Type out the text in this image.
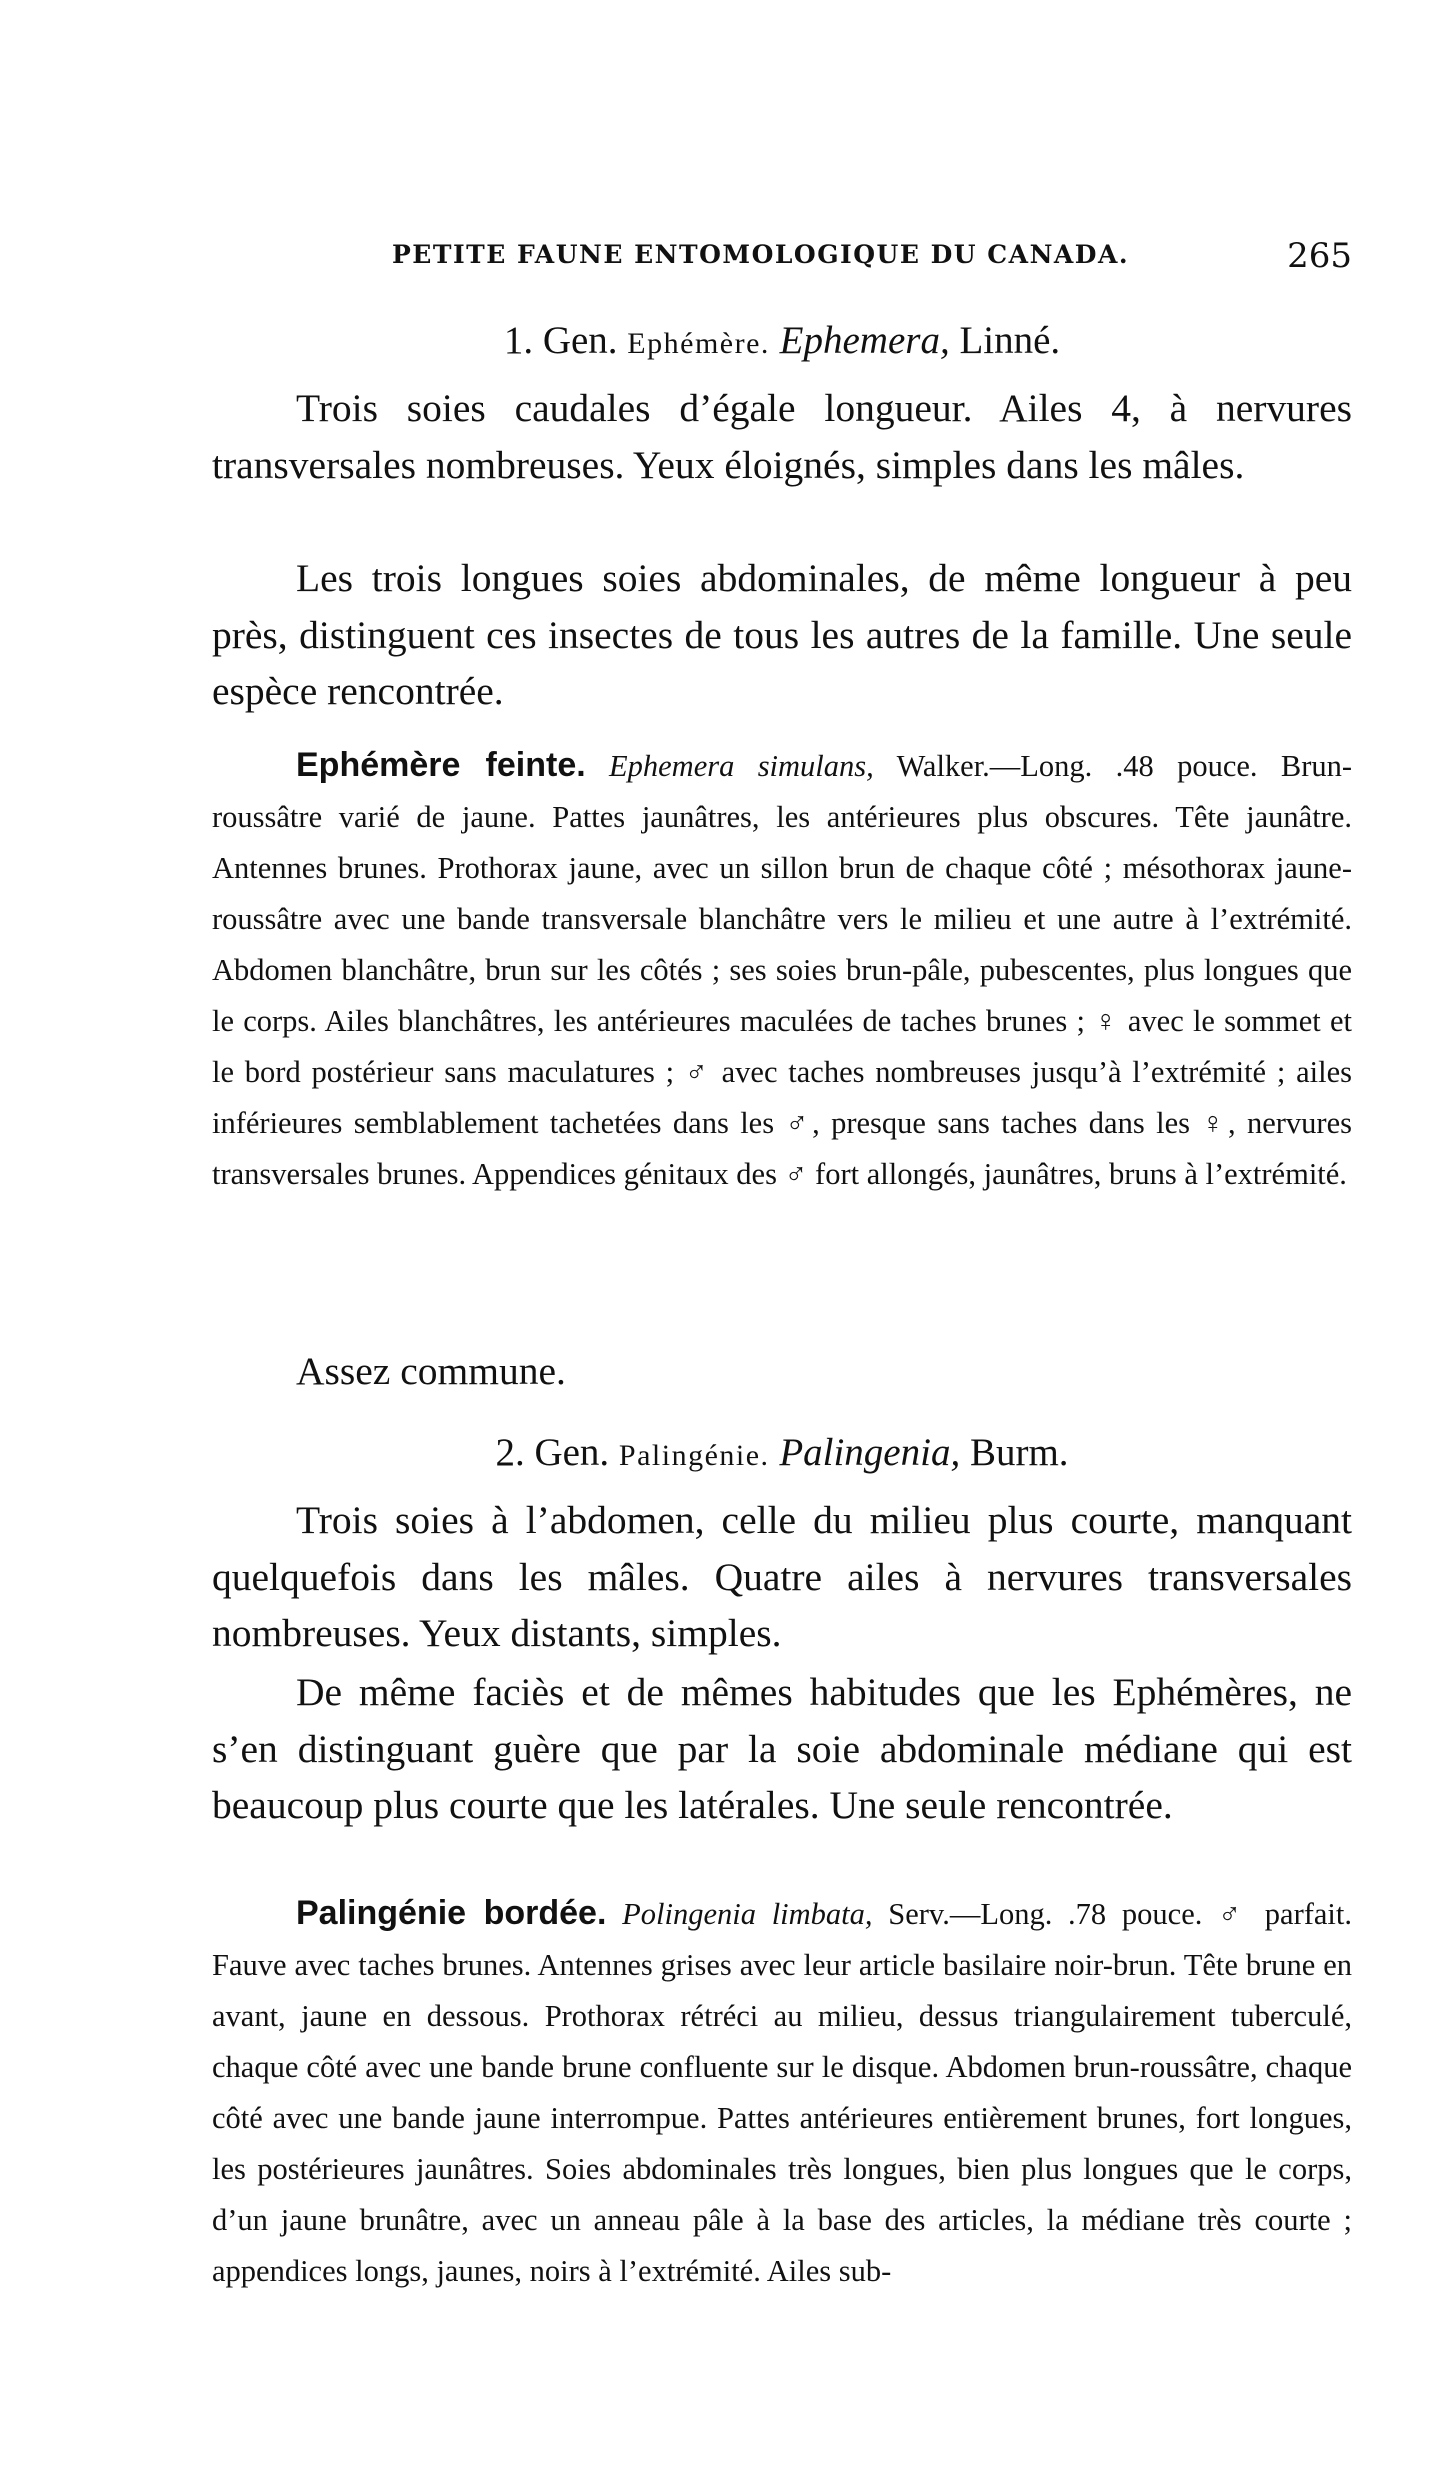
PETITE FAUNE ENTOMOLOGIQUE DU CANADA.	265
1. Gen. Ephémère. Ephemera, Linné.

Trois soies caudales d’égale longueur. Ailes 4, à nervures transversales nombreuses. Yeux éloignés, simples dans les mâles.

Les trois longues soies abdominales, de même longueur à peu près, distinguent ces insectes de tous les autres de la famille. Une seule espèce rencontrée.

Ephémère feinte. Ephemera simulans, Walker.—Long. .48 pouce. Brun-roussâtre varié de jaune. Pattes jaunâtres, les antérieures plus obscures. Tête jaunâtre. Antennes brunes. Prothorax jaune, avec un sillon brun de chaque côté ; mésothorax jaune-roussâtre avec une bande transversale blanchâtre vers le milieu et une autre à l’extrémité. Abdomen blanchâtre, brun sur les côtés ; ses soies brun-pâle, pubescentes, plus longues que le corps. Ailes blanchâtres, les antérieures maculées de taches brunes ; ♀ avec le sommet et le bord postérieur sans maculatures ; ♂ avec taches nombreuses jusqu’à l’extrémité ; ailes inférieures semblablement tachetées dans les ♂, presque sans taches dans les ♀, nervures transversales brunes. Appendices génitaux des ♂ fort allongés, jaunâtres, bruns à l’extrémité.

Assez commune.
2. Gen. Palingénie. Palingenia, Burm.

Trois soies à l’abdomen, celle du milieu plus courte, manquant quelquefois dans les mâles. Quatre ailes à nervures transversales nombreuses. Yeux distants, simples.

De même faciès et de mêmes habitudes que les Ephémères, ne s’en distinguant guère que par la soie abdominale médiane qui est beaucoup plus courte que les latérales. Une seule rencontrée.

Palingénie bordée. Polingenia limbata, Serv.—Long. .78 pouce. ♂ parfait. Fauve avec taches brunes. Antennes grises avec leur article basilaire noir-brun. Tête brune en avant, jaune en dessous. Prothorax rétréci au milieu, dessus triangulairement tuberculé, chaque côté avec une bande brune confluente sur le disque. Abdomen brun-roussâtre, chaque côté avec une bande jaune interrompue. Pattes antérieures entièrement brunes, fort longues, les postérieures jaunâtres. Soies abdominales très longues, bien plus longues que le corps, d’un jaune brunâtre, avec un anneau pâle à la base des articles, la médiane très courte ; appendices longs, jaunes, noirs à l’extrémité. Ailes sub-
